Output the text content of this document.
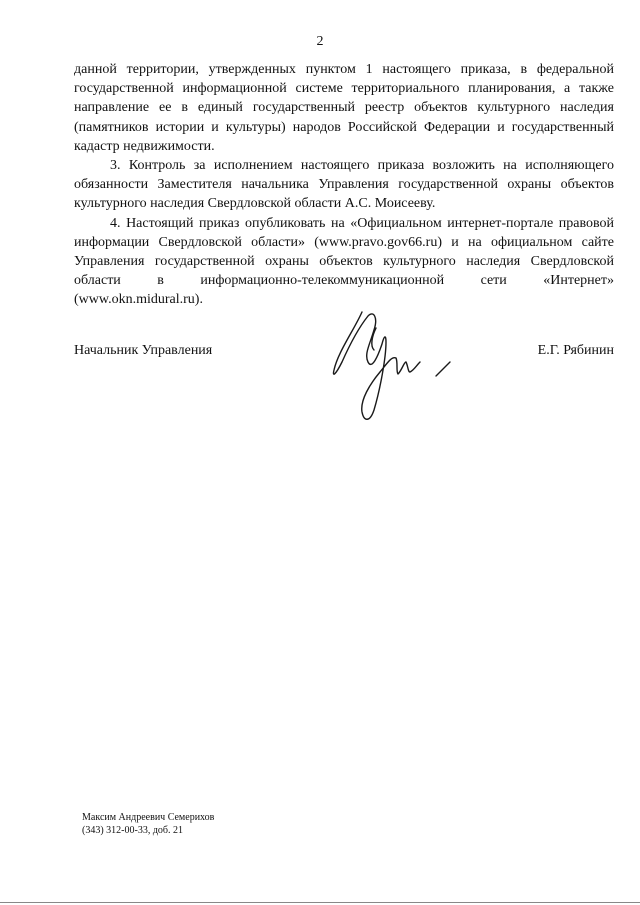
2

данной территории, утвержденных пунктом 1 настоящего приказа, в федеральной государственной информационной системе территориального планирования, а также направление ее в единый государственный реестр объектов культурного наследия (памятников истории и культуры) народов Российской Федерации и государственный кадастр недвижимости.

3. Контроль за исполнением настоящего приказа возложить на исполняющего обязанности Заместителя начальника Управления государственной охраны объектов культурного наследия Свердловской области А.С. Моисееву.

4. Настоящий приказ опубликовать на «Официальном интернет-портале правовой информации Свердловской области» (www.pravo.gov66.ru) и на официальном сайте Управления государственной охраны объектов культурного наследия Свердловской области в информационно-телекоммуникационной сети «Интернет» (www.okn.midural.ru).

Начальник Управления	Е.Г. Рябинин
Максим Андреевич Семерихов
(343) 312-00-33, доб. 21
